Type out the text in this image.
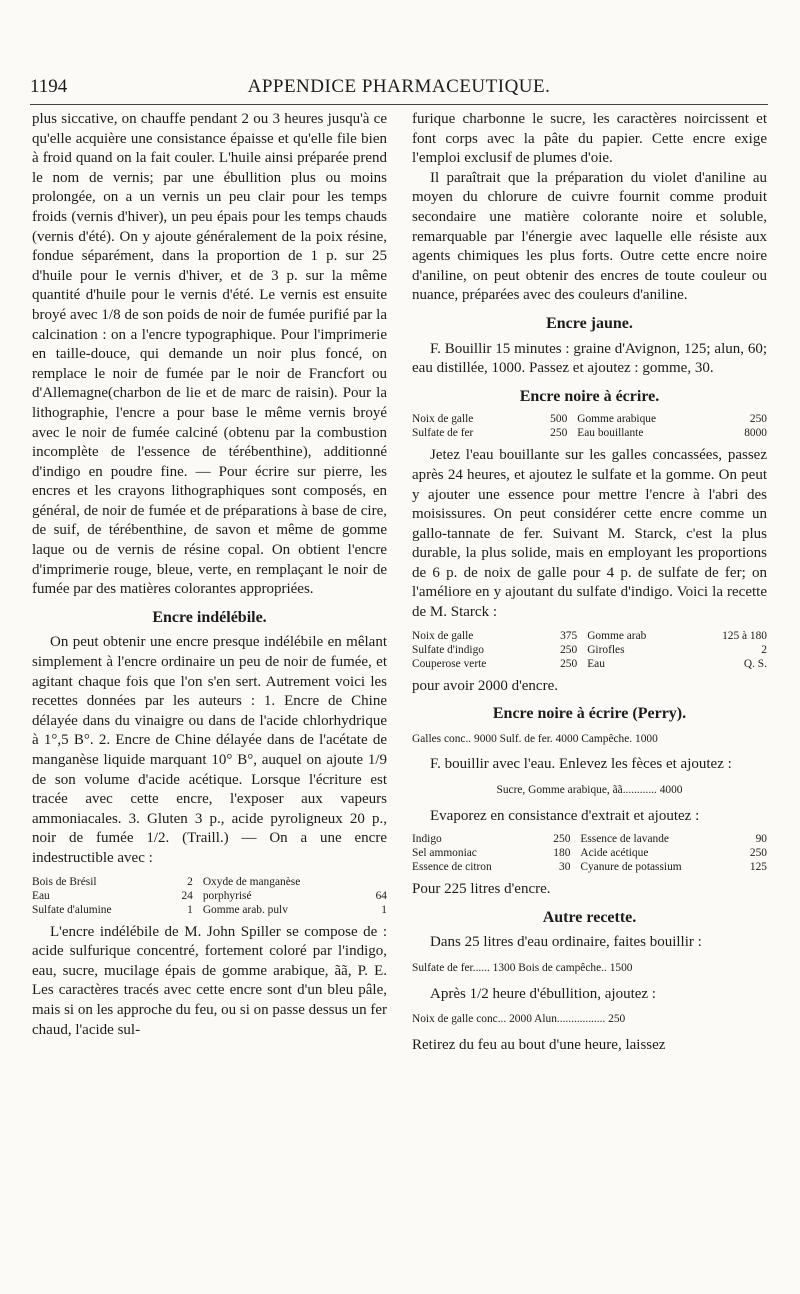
1194	APPENDICE PHARMACEUTIQUE.

plus siccative, on chauffe pendant 2 ou 3 heures jusqu'à ce qu'elle acquière une consistance épaisse et qu'elle file bien à froid quand on la fait couler. L'huile ainsi préparée prend le nom de vernis; par une ébullition plus ou moins prolongée, on a un vernis un peu clair pour les temps froids (vernis d'hiver), un peu épais pour les temps chauds (vernis d'été). On y ajoute généralement de la poix résine, fondue séparément, dans la proportion de 1 p. sur 25 d'huile pour le vernis d'hiver, et de 3 p. sur la même quantité d'huile pour le vernis d'été. Le vernis est ensuite broyé avec 1/8 de son poids de noir de fumée purifié par la calcination : on a l'encre typographique. Pour l'imprimerie en taille-douce, qui demande un noir plus foncé, on remplace le noir de fumée par le noir de Francfort ou d'Allemagne(charbon de lie et de marc de raisin). Pour la lithographie, l'encre a pour base le même vernis broyé avec le noir de fumée calciné (obtenu par la combustion incomplète de l'essence de térébenthine), additionné d'indigo en poudre fine. — Pour écrire sur pierre, les encres et les crayons lithographiques sont composés, en général, de noir de fumée et de préparations à base de cire, de suif, de térébenthine, de savon et même de gomme laque ou de vernis de résine copal. On obtient l'encre d'imprimerie rouge, bleue, verte, en remplaçant le noir de fumée par des matières colorantes appropriées.

Encre indélébile.

On peut obtenir une encre presque indélébile en mêlant simplement à l'encre ordinaire un peu de noir de fumée, et agitant chaque fois que l'on s'en sert. Autrement voici les recettes données par les auteurs : 1. Encre de Chine délayée dans du vinaigre ou dans de l'acide chlorhydrique à 1°,5 B°. 2. Encre de Chine délayée dans de l'acétate de manganèse liquide marquant 10° B°, auquel on ajoute 1/9 de son volume d'acide acétique. Lorsque l'écriture est tracée avec cette encre, l'exposer aux vapeurs ammoniacales. 3. Gluten 3 p., acide pyroligneux 20 p., noir de fumée 1/2. (Traill.) — On a une encre indestructible avec :

Bois de Brésil	2	Oxyde de manganèse	
Eau	24	porphyrisé	64
Sulfate d'alumine	1	Gomme arab. pulv	1

L'encre indélébile de M. John Spiller se compose de : acide sulfurique concentré, fortement coloré par l'indigo, eau, sucre, mucilage épais de gomme arabique, ãã, P. E. Les caractères tracés avec cette encre sont d'un bleu pâle, mais si on les approche du feu, ou si on passe dessus un fer chaud, l'acide sul-

furique charbonne le sucre, les caractères noircissent et font corps avec la pâte du papier. Cette encre exige l'emploi exclusif de plumes d'oie.

Il paraîtrait que la préparation du violet d'aniline au moyen du chlorure de cuivre fournit comme produit secondaire une matière colorante noire et soluble, remarquable par l'énergie avec laquelle elle résiste aux agents chimiques les plus forts. Outre cette encre noire d'aniline, on peut obtenir des encres de toute couleur ou nuance, préparées avec des couleurs d'aniline.

Encre jaune.

F. Bouillir 15 minutes : graine d'Avignon, 125; alun, 60; eau distillée, 1000. Passez et ajoutez : gomme, 30.

Encre noire à écrire.
Noix de galle	500	Gomme arabique	250
Sulfate de fer	250	Eau bouillante	8000

Jetez l'eau bouillante sur les galles concassées, passez après 24 heures, et ajoutez le sulfate et la gomme. On peut y ajouter une essence pour mettre l'encre à l'abri des moisissures. On peut considérer cette encre comme un gallo-tannate de fer. Suivant M. Starck, c'est la plus durable, la plus solide, mais en employant les proportions de 6 p. de noix de galle pour 4 p. de sulfate de fer; on l'améliore en y ajoutant du sulfate d'indigo. Voici la recette de M. Starck :

Noix de galle	375	Gomme arab	125 à 180
Sulfate d'indigo	250	Girofles	2
Couperose verte	250	Eau	Q. S.

pour avoir 2000 d'encre.

Encre noire à écrire (Perry).
Galles conc.. 9000 Sulf. de fer. 4000 Campêche. 1000

F. bouillir avec l'eau. Enlevez les fèces et ajoutez :

Sucre, Gomme arabique, ãã............ 4000

Evaporez en consistance d'extrait et ajoutez :

Indigo	250	Essence de lavande	90
Sel ammoniac	180	Acide acétique	250
Essence de citron	30	Cyanure de potassium	125

Pour 225 litres d'encre.

Autre recette.

Dans 25 litres d'eau ordinaire, faites bouillir :

Sulfate de fer...... 1300 Bois de campêche.. 1500

Après 1/2 heure d'ébullition, ajoutez :

Noix de galle conc... 2000 Alun................. 250

Retirez du feu au bout d'une heure, laissez
